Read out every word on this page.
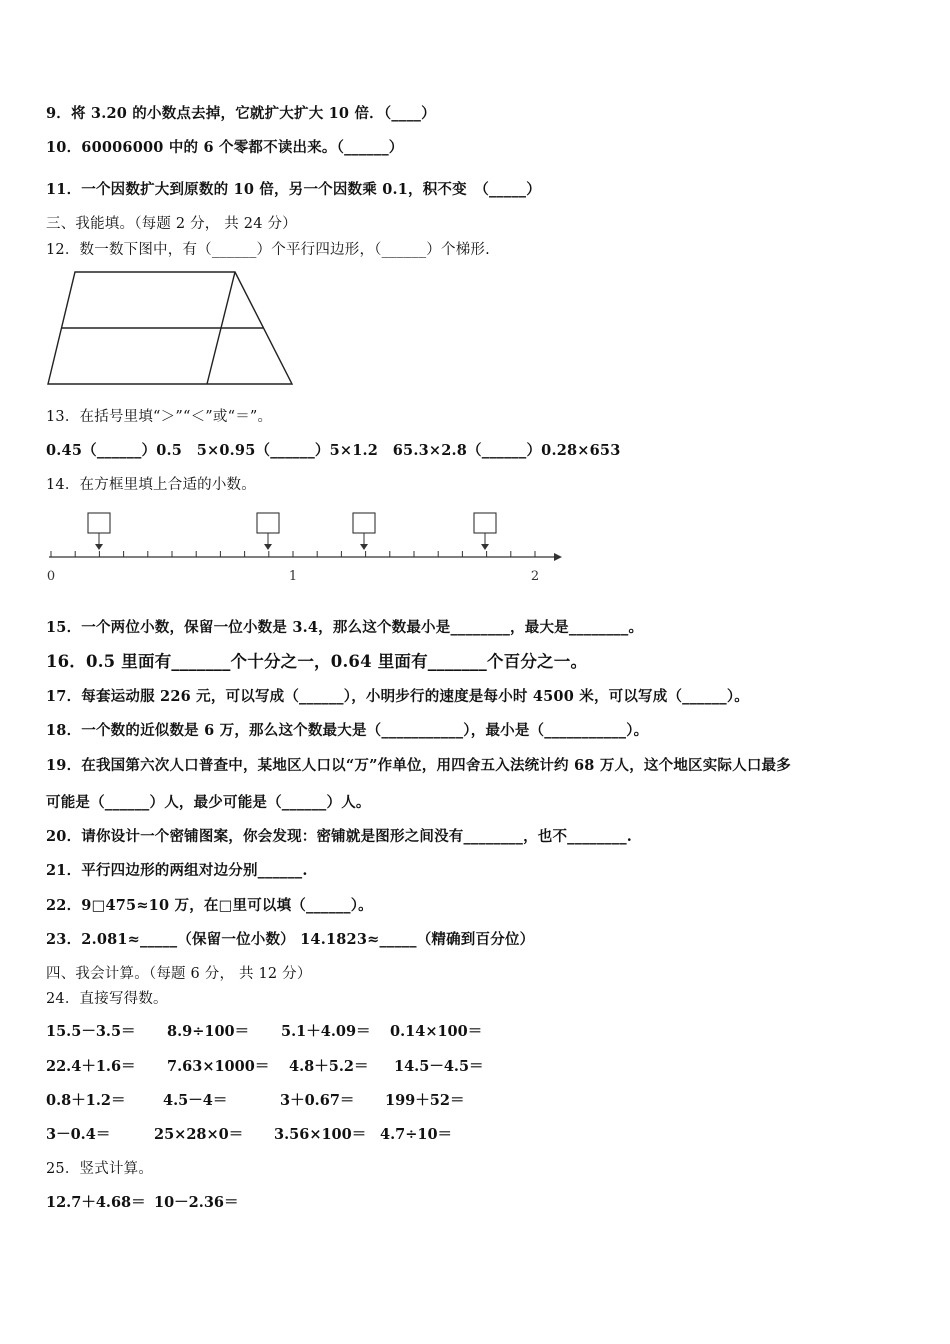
9．将 3.20 的小数点去掉，它就扩大扩大 10 倍．（____）
10．60006000 中的 6 个零都不读出来。（______）
11．一个因数扩大到原数的 10 倍，另一个因数乘 0.1，积不变　（_____）
三、我能填。（每题 2 分， 共 24 分）
12．数一数下图中，有（______）个平行四边形，（______）个梯形.
13．在括号里填“＞”“＜”或“＝”。
0.45（______）0.5　5×0.95（______）5×1.2　65.3×2.8（______）0.28×653
14．在方框里填上合适的小数。
0	1	2
15．一个两位小数，保留一位小数是 3.4，那么这个数最小是________，最大是________。
16．0.5 里面有_______个十分之一，0.64 里面有_______个百分之一。
17．每套运动服 226 元，可以写成（______），小明步行的速度是每小时 4500 米，可以写成（______）。
18．一个数的近似数是 6 万，那么这个数最大是（___________），最小是（___________）。
19．在我国第六次人口普查中，某地区人口以“万”作单位，用四舍五入法统计约 68 万人，这个地区实际人口最多
可能是（______）人，最少可能是（______）人。
20．请你设计一个密铺图案，你会发现：密铺就是图形之间没有________，也不________.
21．平行四边形的两组对边分别______.
22．9□475≈10 万，在□里可以填（______）。
23．2.081≈_____（保留一位小数） 14.1823≈_____（精确到百分位）
四、我会计算。（每题 6 分， 共 12 分）
24．直接写得数。
15.5－3.5＝ 8.9÷100＝ 5.1＋4.09＝ 0.14×100＝
22.4＋1.6＝ 7.63×1000＝ 4.8＋5.2＝ 14.5－4.5＝
0.8＋1.2＝	4.5－4＝	3＋0.67＝ 199＋52＝
3－0.4＝	25×28×0＝ 3.56×100＝ 4.7÷10＝
25．竖式计算。
12.7＋4.68＝ 10－2.36＝
